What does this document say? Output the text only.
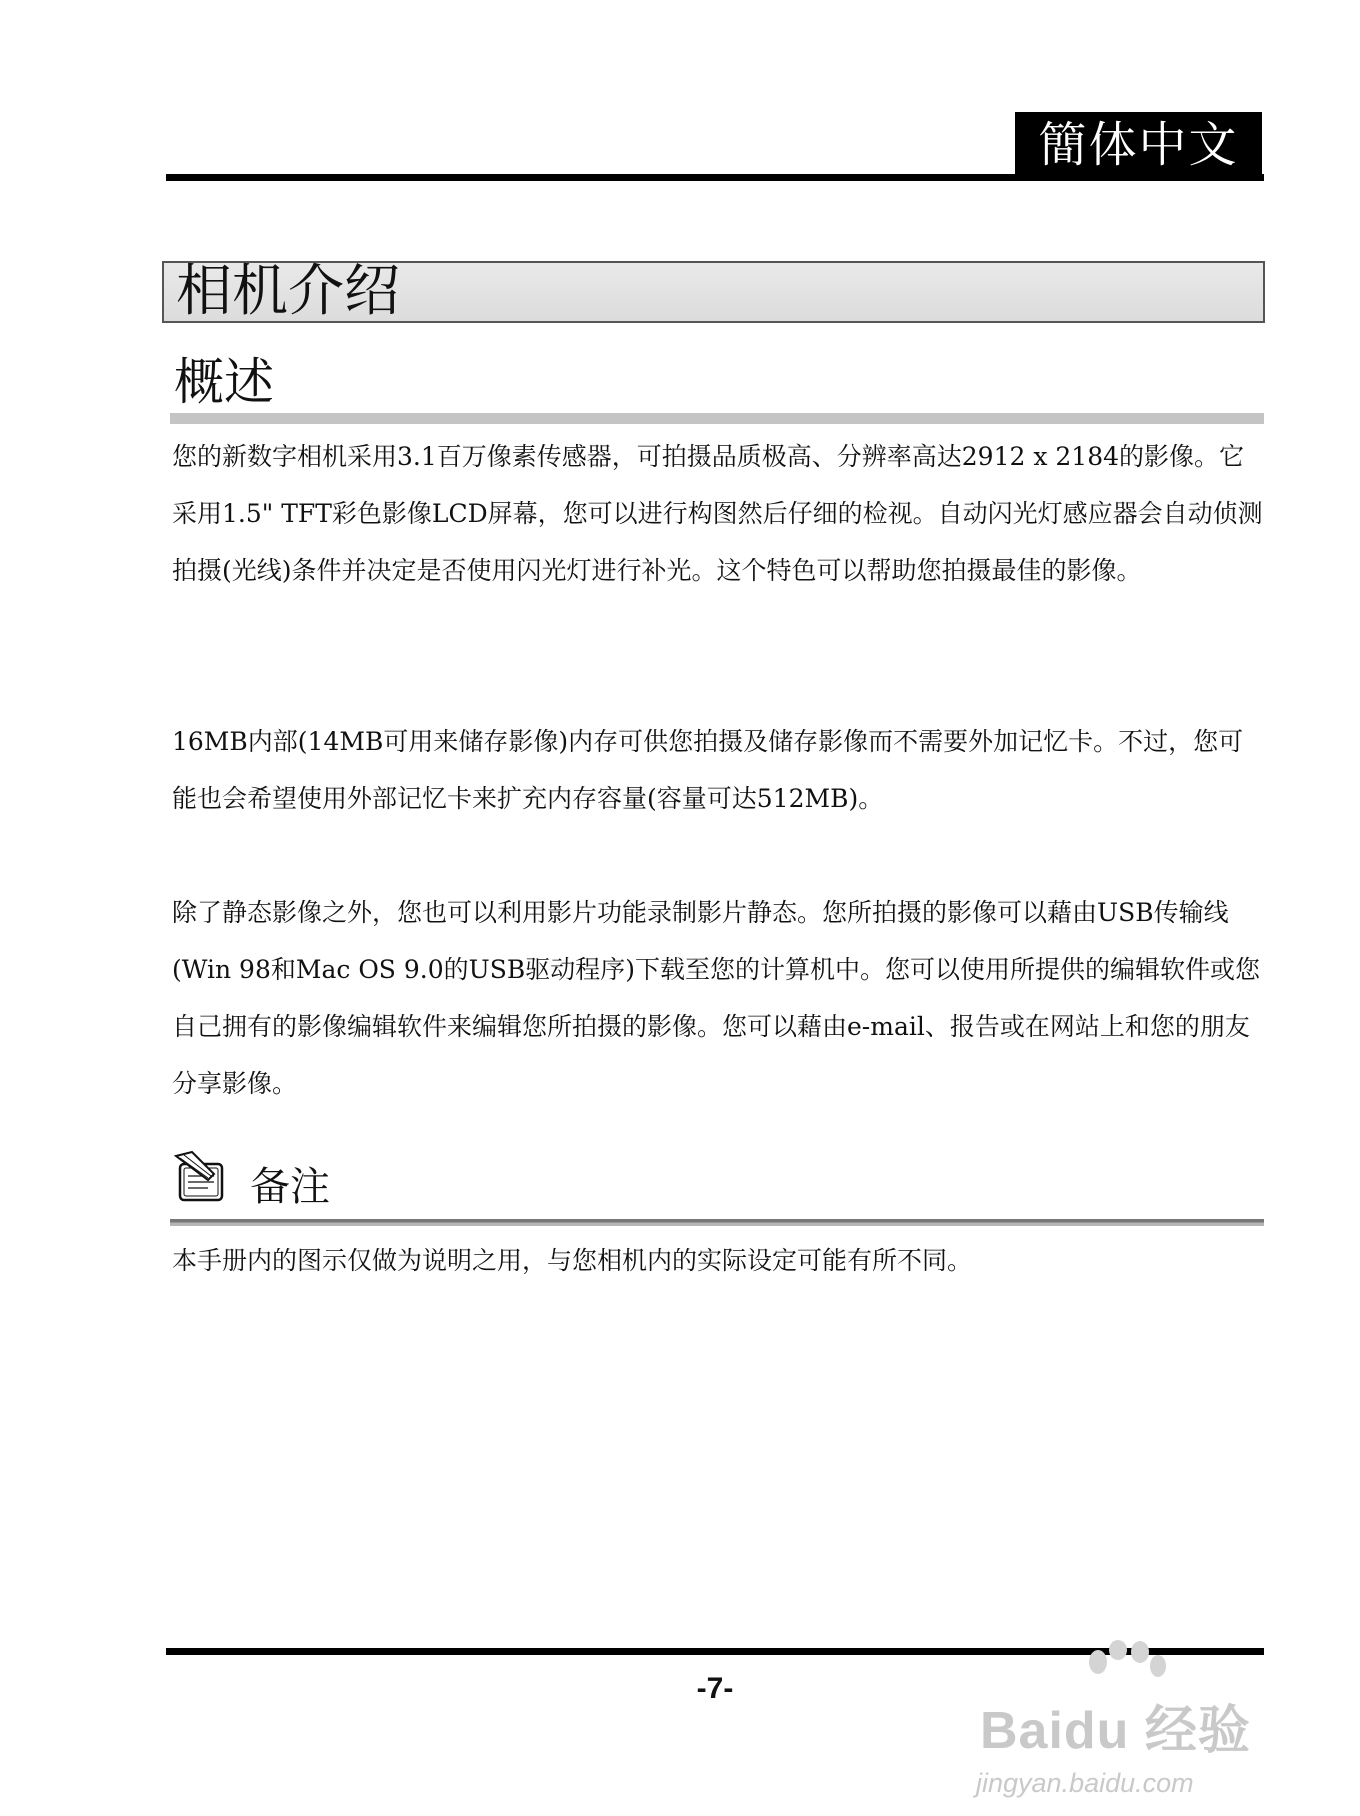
簡体中文
相机介绍
概述

您的新数字相机采用3.1百万像素传感器，可拍摄品质极高、分辨率高达2912 x 2184的影像。它采用1.5" TFT彩色影像LCD屏幕，您可以进行构图然后仔细的检视。自动闪光灯感应器会自动侦测拍摄(光线)条件并决定是否使用闪光灯进行补光。这个特色可以帮助您拍摄最佳的影像。

16MB内部(14MB可用来储存影像)内存可供您拍摄及储存影像而不需要外加记忆卡。不过，您可能也会希望使用外部记忆卡来扩充内存容量(容量可达512MB)。

除了静态影像之外，您也可以利用影片功能录制影片静态。您所拍摄的影像可以藉由USB传输线(Win 98和Mac OS 9.0的USB驱动程序)下载至您的计算机中。您可以使用所提供的编辑软件或您自己拥有的影像编辑软件来编辑您所拍摄的影像。您可以藉由e-mail、报告或在网站上和您的朋友分享影像。

备注

本手册内的图示仅做为说明之用，与您相机内的实际设定可能有所不同。

-7-
Baidu 经验
jingyan.baidu.com
